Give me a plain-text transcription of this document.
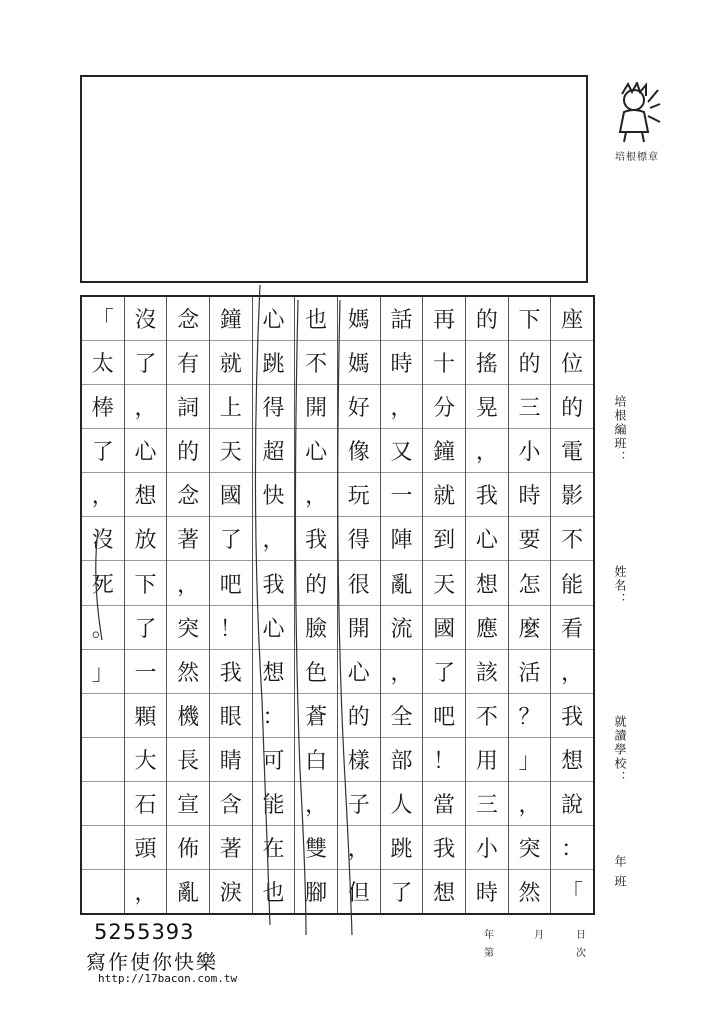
培根標章
培根編班：
姓名：
就讀學校：
年 班
座
位
的
電
影
不
能
看
，
我
想
說
：
「
下
的
三
小
時
要
怎
麼
活
？
」
，
突
然
的
搖
晃
，
我
心
想
應
該
不
用
三
小
時
再
十
分
鐘
就
到
天
國
了
吧
！
當
我
想
話
時
，
又
一
陣
亂
流
，
全
部
人
跳
了
媽
媽
好
像
玩
得
很
開
心
的
樣
子
，
但
也
不
開
心
，
我
的
臉
色
蒼
白
，
雙
腳
心
跳
得
超
快
，
我
心
想
：
可
能
在
也
鐘
就
上
天
國
了
吧
！
我
眼
睛
含
著
淚
念
有
詞
的
念
著
，
突
然
機
長
宣
佈
亂
沒
了
，
心
想
放
下
了
一
顆
大
石
頭
，
「
太
棒
了
，
沒
死
。
」
年	月	日
第	次
5255393
寫作使你快樂
http://17bacon.com.tw
